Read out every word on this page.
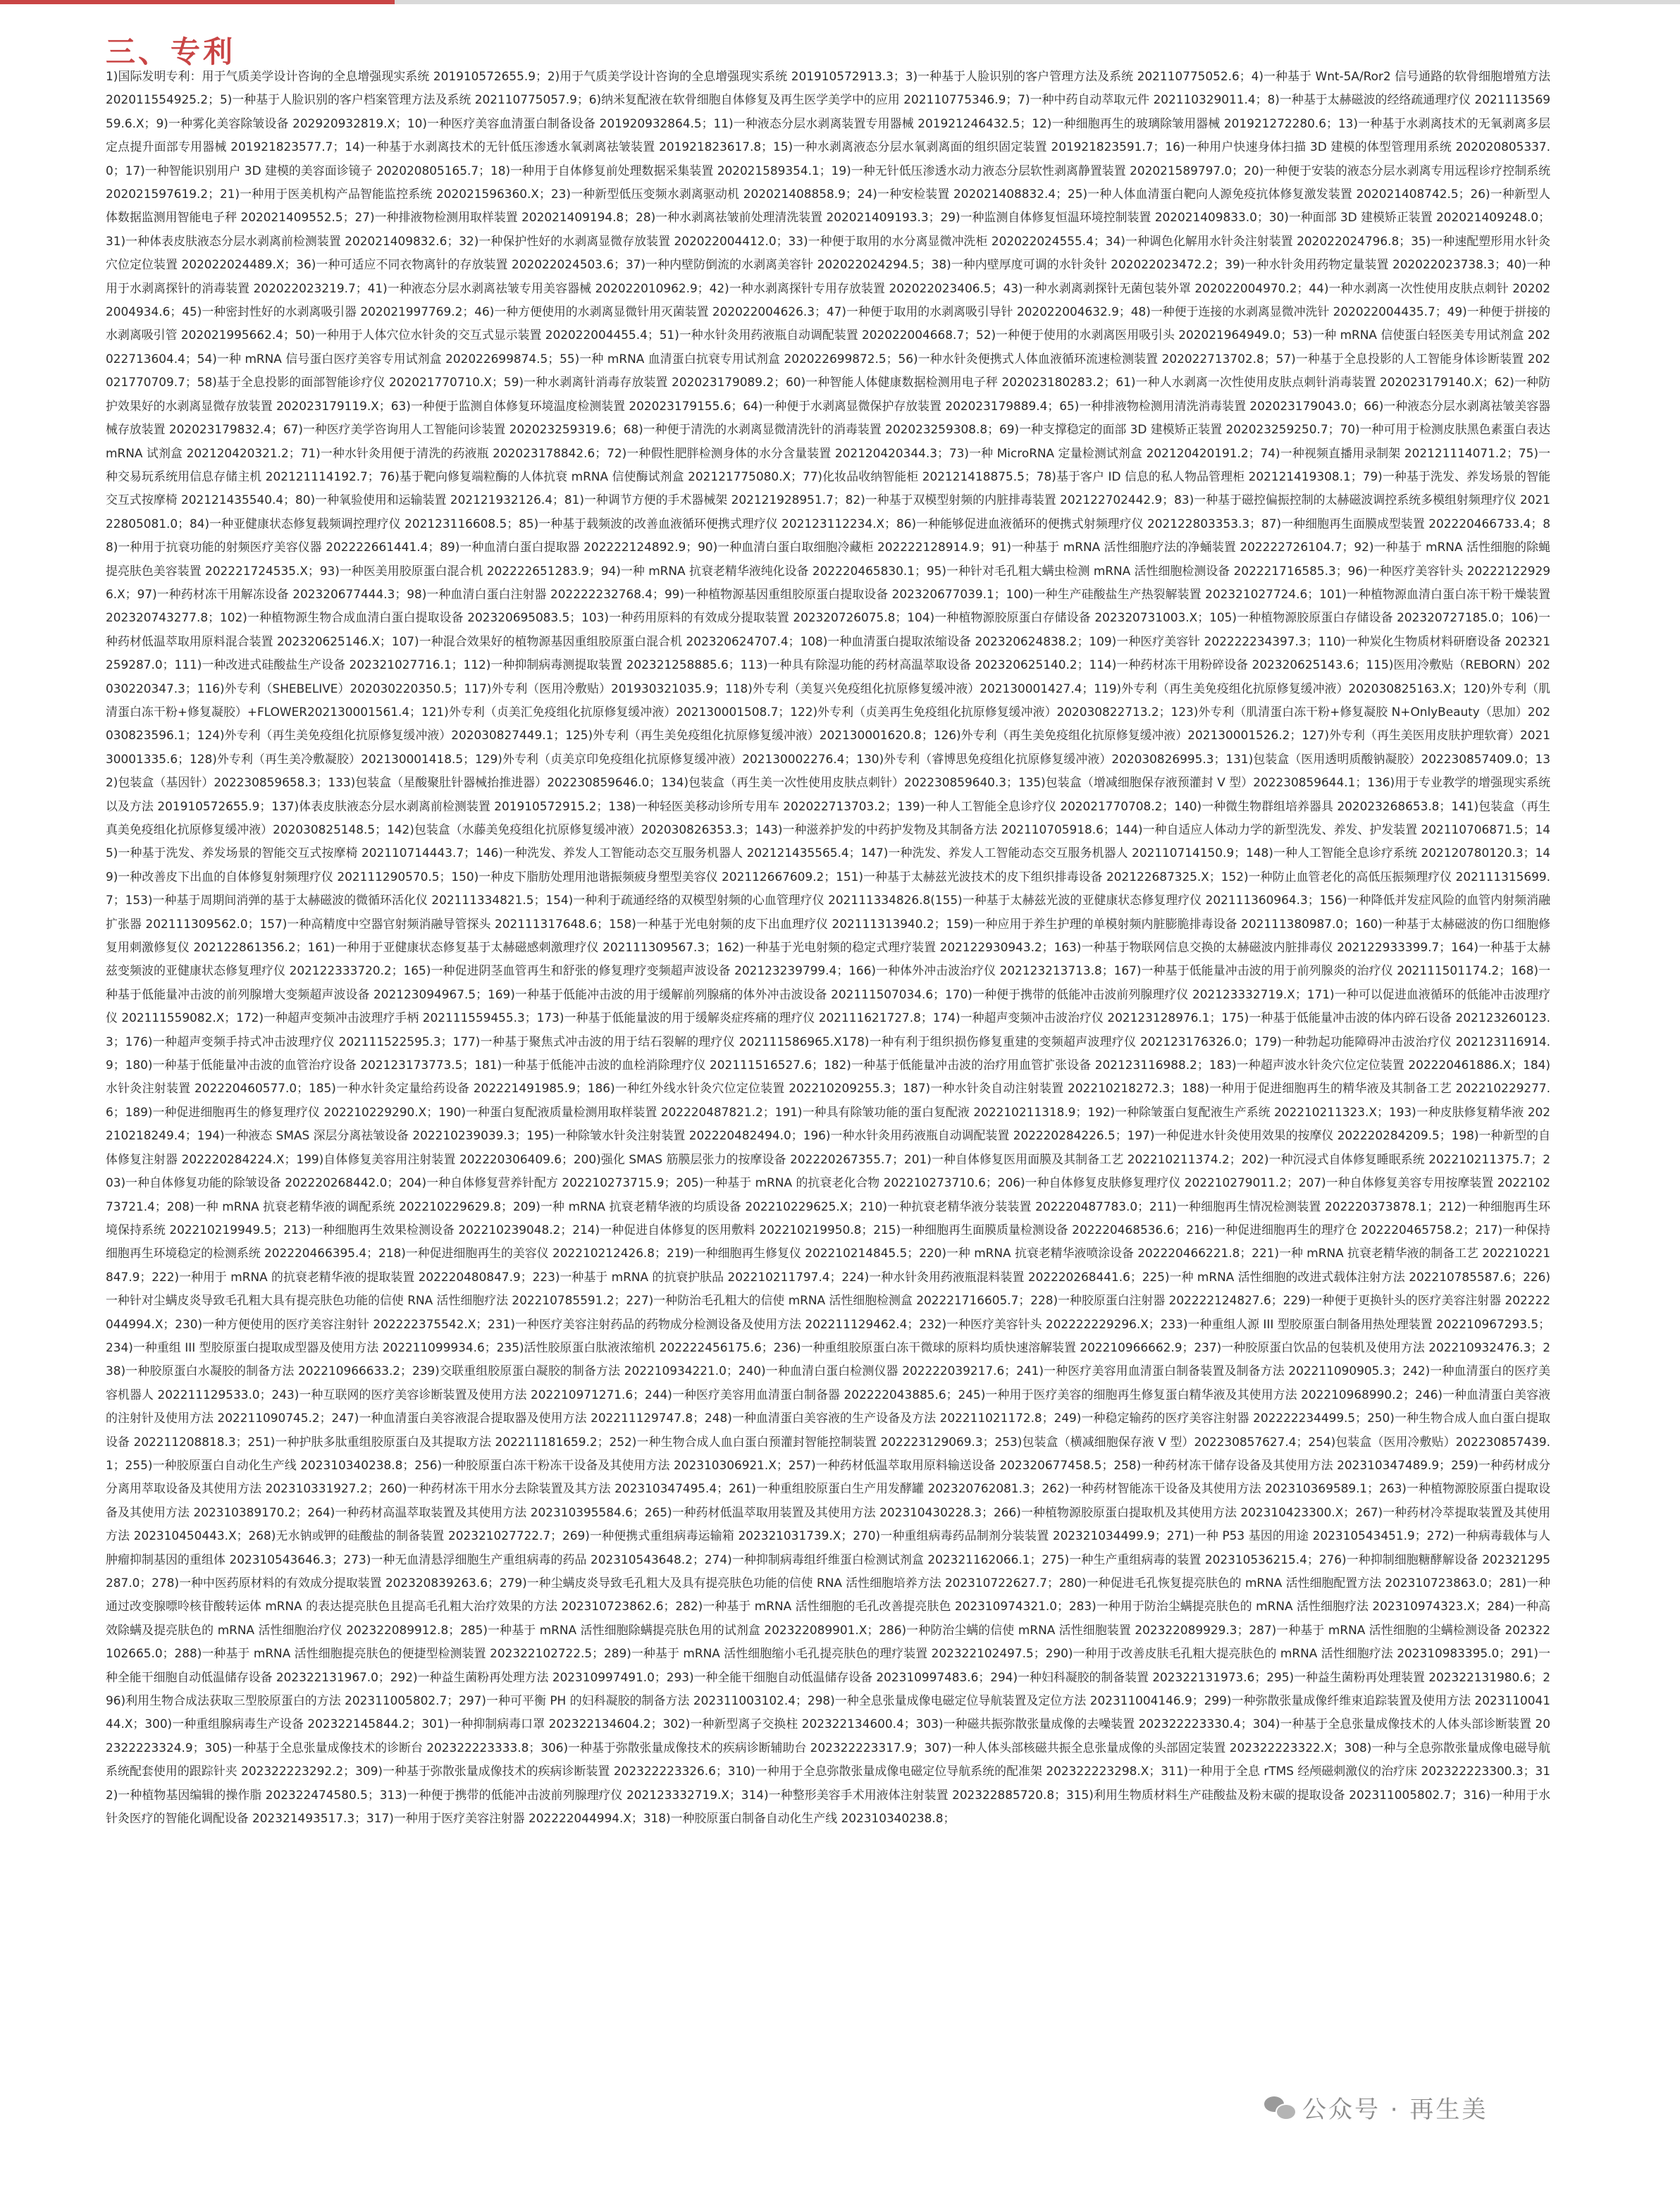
三、专利

1)国际发明专利：用于气质美学设计咨询的全息增强现实系统 201910572655.9；2)用于气质美学设计咨询的全息增强现实系统 201910572913.3；3)一种基于人脸识别的客户管理方法及系统 202110775052.6；4)一种基于 Wnt-5A/Ror2 信号通路的软骨细胞增殖方法 202011554925.2；5)一种基于人脸识别的客户档案管理方法及系统 202110775057.9；6)纳米复配液在软骨细胞自体修复及再生医学美学中的应用 202110775346.9；7)一种中药自动萃取元件 202110329011.4；8)一种基于太赫磁波的经络疏通理疗仪 202111356959.6.X；9)一种雾化美容除皱设备 202920932819.X；10)一种医疗美容血清蛋白制备设备 201920932864.5；11)一种液态分层水剥离装置专用器械 201921246432.5；12)一种细胞再生的玻璃除皱用器械 201921272280.6；13)一种基于水剥离技术的无氧剥离多层定点提升面部专用器械 201921823577.7；14)一种基于水剥离技术的无针低压渗透水氧剥离祛皱装置 201921823617.8；15)一种水剥离液态分层水氧剥离面的组织固定装置 201921823591.7；16)一种用户快速身体扫描 3D 建模的体型管理用系统 202020805337.0；17)一种智能识别用户 3D 建模的美容面诊镜子 202020805165.7；18)一种用于自体修复前处理数据采集装置 202021589354.1；19)一种无针低压渗透水动力液态分层软性剥离静置装置 202021589797.0；20)一种便于安装的液态分层水剥离专用远程诊疗控制系统 202021597619.2；21)一种用于医美机构产品智能监控系统 202021596360.X；23)一种新型低压变频水剥离驱动机 202021408858.9；24)一种安检装置 202021408832.4；25)一种人体血清蛋白靶向人源免疫抗体修复激发装置 202021408742.5；26)一种新型人体数据监测用智能电子秤 202021409552.5；27)一种排液物检测用取样装置 202021409194.8；28)一种水剥离祛皱前处理清洗装置 202021409193.3；29)一种监测自体修复恒温环境控制装置 202021409833.0；30)一种面部 3D 建模矫正装置 202021409248.0；31)一种体表皮肤液态分层水剥离前检测装置 202021409832.6；32)一种保护性好的水剥离显微存放装置 202022004412.0；33)一种便于取用的水分离显微冲洗柜 202022024555.4；34)一种调色化解用水针灸注射装置 202022024796.8；35)一种速配塑形用水针灸穴位定位装置 202022024489.X；36)一种可适应不同衣物离针的存放装置 202022024503.6；37)一种内壁防倒流的水剥离美容针 202022024294.5；38)一种内壁厚度可调的水针灸针 202022023472.2；39)一种水针灸用药物定量装置 202022023738.3；40)一种用于水剥离探针的消毒装置 202022023219.7；41)一种液态分层水剥离祛皱专用美容器械 202022010962.9；42)一种水剥离探针专用存放装置 202022023406.5；43)一种水剥离剥探针无菌包装外罩 202022004970.2；44)一种水剥离一次性使用皮肤点刺针 202022004934.6；45)一种密封性好的水剥离吸引器 202021997769.2；46)一种方便使用的水剥离显微针用灭菌装置 202022004626.3；47)一种便于取用的水剥离吸引导针 202022004632.9；48)一种便于连接的水剥离显微冲洗针 202022004435.7；49)一种便于拼接的水剥离吸引管 202021995662.4；50)一种用于人体穴位水针灸的交互式显示装置 202022004455.4；51)一种水针灸用药液瓶自动调配装置 202022004668.7；52)一种便于使用的水剥离医用吸引头 202021964949.0；53)一种 mRNA 信使蛋白轻医美专用试剂盒 202022713604.4；54)一种 mRNA 信号蛋白医疗美容专用试剂盒 202022699874.5；55)一种 mRNA 血清蛋白抗衰专用试剂盒 202022699872.5；56)一种水针灸便携式人体血液循环流速检测装置 202022713702.8；57)一种基于全息投影的人工智能身体诊断装置 202021770709.7；58)基于全息投影的面部智能诊疗仪 202021770710.X；59)一种水剥离针消毒存放装置 202023179089.2；60)一种智能人体健康数据检测用电子秤 202023180283.2；61)一种人水剥离一次性使用皮肤点刺针消毒装置 202023179140.X；62)一种防护效果好的水剥离显微存放装置 202023179119.X；63)一种便于监测自体修复环境温度检测装置 202023179155.6；64)一种便于水剥离显微保护存放装置 202023179889.4；65)一种排液物检测用清洗消毒装置 202023179043.0；66)一种液态分层水剥离祛皱美容器械存放装置 202023179832.4；67)一种医疗美学咨询用人工智能问诊装置 202023259319.6；68)一种便于清洗的水剥离显微清洗针的消毒装置 202023259308.8；69)一种支撑稳定的面部 3D 建模矫正装置 202023259250.7；70)一种可用于检测皮肤黑色素蛋白表达 mRNA 试剂盒 202120420321.2；71)一种水针灸用便于清洗的药液瓶 202023178842.6；72)一种假性肥胖检测身体的水分含量装置 202120420344.3；73)一种 MicroRNA 定量检测试剂盒 202120420191.2；74)一种视频直播用录制架 202121114071.2；75)一种交易玩系统用信息存储主机 202121114192.7；76)基于靶向修复端粒酶的人体抗衰 mRNA 信使酶试剂盒 202121775080.X；77)化妆品收纳智能柜 202121418875.5；78)基于客户 ID 信息的私人物品管理柜 202121419308.1；79)一种基于洗发、养发场景的智能交互式按摩椅 202121435540.4；80)一种氧验使用和运输装置 202121932126.4；81)一种调节方便的手术器械架 202121928951.7；82)一种基于双模型射频的内脏排毒装置 202122702442.9；83)一种基于磁控偏振控制的太赫磁波调控系统多模组射频理疗仪 202122805081.0；84)一种亚健康状态修复载频调控理疗仪 202123116608.5；85)一种基于载频波的改善血液循环便携式理疗仪 202123112234.X；86)一种能够促进血液循环的便携式射频理疗仪 202122803353.3；87)一种细胞再生面膜成型装置 202220466733.4；88)一种用于抗衰功能的射频医疗美容仪器 202222661441.4；89)一种血清白蛋白提取器 202222124892.9；90)一种血清白蛋白取细胞冷藏柜 202222128914.9；91)一种基于 mRNA 活性细胞疗法的净蛹装置 202222726104.7；92)一种基于 mRNA 活性细胞的除蝇提亮肤色美容装置 202221724535.X；93)一种医美用胶原蛋白混合机 202222651283.9；94)一种 mRNA 抗衰老精华液纯化设备 202220465830.1；95)一种针对毛孔粗大螨虫检测 mRNA 活性细胞检测设备 202221716585.3；96)一种医疗美容针头 202221229296.X；97)一种药材冻干用解冻设备 202320677444.3；98)一种血清白蛋白注射器 202222232768.4；99)一种植物源基因重组胶原蛋白提取设备 202320677039.1；100)一种生产硅酸盐生产热裂解装置 202321027724.6；101)一种植物源血清白蛋白冻干粉干燥装置 202320743277.8；102)一种植物源生物合成血清白蛋白提取设备 202320695083.5；103)一种药用原料的有效成分提取装置 202320726075.8；104)一种植物源胶原蛋白存储设备 202320731003.X；105)一种植物源胶原蛋白存储设备 202320727185.0；106)一种药材低温萃取用原料混合装置 202320625146.X；107)一种混合效果好的植物源基因重组胶原蛋白混合机 202320624707.4；108)一种血清蛋白提取浓缩设备 202320624838.2；109)一种医疗美容针 202222234397.3；110)一种炭化生物质材料研磨设备 202321259287.0；111)一种改进式硅酸盐生产设备 202321027716.1；112)一种抑制病毒测提取装置 202321258885.6；113)一种具有除湿功能的药材高温萃取设备 202320625140.2；114)一种药材冻干用粉碎设备 202320625143.6；115)医用冷敷贴（REBORN）202030220347.3；116)外专利（SHEBELIVE）202030220350.5；117)外专利（医用冷敷贴）201930321035.9；118)外专利（美复兴免疫组化抗原修复缓冲液）202130001427.4；119)外专利（再生美免疫组化抗原修复缓冲液）202030825163.X；120)外专利（肌清蛋白冻干粉+修复凝胶）+FLOWER202130001561.4；121)外专利（贞美汇免疫组化抗原修复缓冲液）202130001508.7；122)外专利（贞美再生免疫组化抗原修复缓冲液）202030822713.2；123)外专利（肌清蛋白冻干粉+修复凝胶 N+OnlyBeauty（思加）202030823596.1；124)外专利（再生美免疫组化抗原修复缓冲液）202030827449.1；125)外专利（再生美免疫组化抗原修复缓冲液）202130001620.8；126)外专利（再生美免疫组化抗原修复缓冲液）202130001526.2；127)外专利（再生美医用皮肤护理软膏）202130001335.6；128)外专利（再生美冷敷凝胶）202130001418.5；129)外专利（贞美京印免疫组化抗原修复缓冲液）202130002276.4；130)外专利（睿博思免疫组化抗原修复缓冲液）202030826995.3；131)包装盒（医用透明质酸钠凝胶）202230857409.0；132)包装盒（基因针）202230859658.3；133)包装盒（星酸聚肚针器械抬推进器）202230859646.0；134)包装盒（再生美一次性使用皮肤点刺针）202230859640.3；135)包装盒（增减细胞保存液预灌封 V 型）202230859644.1；136)用于专业教学的增强现实系统以及方法 201910572655.9；137)体表皮肤液态分层水剥离前检测装置 201910572915.2；138)一种轻医美移动诊所专用车 202022713703.2；139)一种人工智能全息诊疗仪 202021770708.2；140)一种微生物群组培养器具 202023268653.8；141)包装盒（再生真美免疫组化抗原修复缓冲液）202030825148.5；142)包装盒（水藤美免疫组化抗原修复缓冲液）202030826353.3；143)一种滋养护发的中药护发物及其制备方法 202110705918.6；144)一种自适应人体动力学的新型洗发、养发、护发装置 202110706871.5；145)一种基于洗发、养发场景的智能交互式按摩椅 202110714443.7；146)一种洗发、养发人工智能动态交互服务机器人 202121435565.4；147)一种洗发、养发人工智能动态交互服务机器人 202110714150.9；148)一种人工智能全息诊疗系统 202120780120.3；149)一种改善皮下出血的自体修复射频理疗仪 202111290570.5；150)一种皮下脂肪处理用池谐振频疲身塑型美容仪 202112667609.2；151)一种基于太赫兹光波技术的皮下组织排毒设备 202122687325.X；152)一种防止血管老化的高低压振频理疗仪 202111315699.7；153)一种基于周期间消弹的基于太赫磁波的微循环活化仪 202111334821.5；154)一种利于疏通经络的双模型射频的心血管理疗仪 202111334826.8(155)一种基于太赫兹光波的亚健康状态修复理疗仪 202111360964.3；156)一种降低并发症风险的血管内射频消融扩张器 202111309562.0；157)一种高精度中空器官射频消融导管探头 202111317648.6；158)一种基于光电射频的皮下出血理疗仪 202111313940.2；159)一种应用于养生护理的单模射频内脏膨脆排毒设备 202111380987.0；160)一种基于太赫磁波的伤口细胞修复用刺激修复仪 202122861356.2；161)一种用于亚健康状态修复基于太赫磁感刺激理疗仪 202111309567.3；162)一种基于光电射频的稳定式理疗装置 202122930943.2；163)一种基于物联网信息交换的太赫磁波内脏排毒仪 202122933399.7；164)一种基于太赫兹变频波的亚健康状态修复理疗仪 202122333720.2；165)一种促进阴茎血管再生和舒张的修复理疗变频超声波设备 202123239799.4；166)一种体外冲击波治疗仪 202123213713.8；167)一种基于低能量冲击波的用于前列腺炎的治疗仪 202111501174.2；168)一种基于低能量冲击波的前列腺增大变频超声波设备 202123094967.5；169)一种基于低能冲击波的用于缓解前列腺痛的体外冲击波设备 202111507034.6；170)一种便于携带的低能冲击波前列腺理疗仪 202123332719.X；171)一种可以促进血液循环的低能冲击波理疗仪 202111559082.X；172)一种超声变频冲击波理疗手柄 202111559455.3；173)一种基于低能量波的用于缓解炎症疼痛的理疗仪 202111621727.8；174)一种超声变频冲击波治疗仪 202123128976.1；175)一种基于低能量冲击波的体内碎石设备 202123260123.3；176)一种超声变频手持式冲击波理疗仪 202111522595.3；177)一种基于聚焦式冲击波的用于结石裂解的理疗仪 202111586965.X178)一种有利于组织损伤修复重建的变频超声波理疗仪 202123176326.0；179)一种勃起功能障碍冲击波治疗仪 202123116914.9；180)一种基于低能量冲击波的血管治疗设备 202123173773.5；181)一种基于低能冲击波的血栓消除理疗仪 202111516527.6；182)一种基于低能量冲击波的治疗用血管扩张设备 202123116988.2；183)一种超声波水针灸穴位定位装置 202220461886.X；184)水针灸注射装置 202220460577.0；185)一种水针灸定量给药设备 202221491985.9；186)一种红外线水针灸穴位定位装置 202210209255.3；187)一种水针灸自动注射装置 202210218272.3；188)一种用于促进细胞再生的精华液及其制备工艺 202210229277.6；189)一种促进细胞再生的修复理疗仪 202210229290.X；190)一种蛋白复配液质量检测用取样装置 202220487821.2；191)一种具有除皱功能的蛋白复配液 202210211318.9；192)一种除皱蛋白复配液生产系统 202210211323.X；193)一种皮肤修复精华液 202210218249.4；194)一种液态 SMAS 深层分离祛皱设备 202210239039.3；195)一种除皱水针灸注射装置 202220482494.0；196)一种水针灸用药液瓶自动调配装置 202220284226.5；197)一种促进水针灸使用效果的按摩仪 202220284209.5；198)一种新型的自体修复注射器 202220284224.X；199)自体修复美容用注射装置 202220306409.6；200)强化 SMAS 筋膜层张力的按摩设备 202220267355.7；201)一种自体修复医用面膜及其制备工艺 202210211374.2；202)一种沉浸式自体修复睡眠系统 202210211375.7；203)一种自体修复功能的除皱设备 202220268442.0；204)一种自体修复营养针配方 202210273715.9；205)一种基于 mRNA 的抗衰老化合物 202210273710.6；206)一种自体修复皮肤修复理疗仪 202210279011.2；207)一种自体修复美容专用按摩装置 202210273721.4；208)一种 mRNA 抗衰老精华液的调配系统 202210229629.8；209)一种 mRNA 抗衰老精华液的均质设备 202210229625.X；210)一种抗衰老精华液分装装置 202220487783.0；211)一种细胞再生情况检测装置 202220373878.1；212)一种细胞再生环境保持系统 202210219949.5；213)一种细胞再生效果检测设备 202210239048.2；214)一种促进自体修复的医用敷料 202210219950.8；215)一种细胞再生面膜质量检测设备 202220468536.6；216)一种促进细胞再生的理疗仓 202220465758.2；217)一种保持细胞再生环境稳定的检测系统 202220466395.4；218)一种促进细胞再生的美容仪 202210212426.8；219)一种细胞再生修复仪 202210214845.5；220)一种 mRNA 抗衰老精华液喷涂设备 202220466221.8；221)一种 mRNA 抗衰老精华液的制备工艺 202210221847.9；222)一种用于 mRNA 的抗衰老精华液的提取装置 202220480847.9；223)一种基于 mRNA 的抗衰护肤品 202210211797.4；224)一种水针灸用药液瓶混料装置 202220268441.6；225)一种 mRNA 活性细胞的改进式载体注射方法 202210785587.6；226)一种针对尘螨皮炎导致毛孔粗大具有提亮肤色功能的信使 RNA 活性细胞疗法 202210785591.2；227)一种防治毛孔粗大的信使 mRNA 活性细胞检测盒 202221716605.7；228)一种胶原蛋白注射器 202222124827.6；229)一种便于更换针头的医疗美容注射器 202222044994.X；230)一种方便使用的医疗美容注射针 202222375542.X；231)一种医疗美容注射药品的药物成分检测设备及使用方法 202211129462.4；232)一种医疗美容针头 202222229296.X；233)一种重组人源 III 型胶原蛋白制备用热处理装置 202210967293.5；234)一种重组 III 型胶原蛋白提取成型器及使用方法 202211099934.6；235)活性胶原蛋白肽液浓缩机 202222456175.6；236)一种重组胶原蛋白冻干微球的原料均质快速溶解装置 202210966662.9；237)一种胶原蛋白饮品的包装机及使用方法 202210932476.3；238)一种胶原蛋白水凝胶的制备方法 202210966633.2；239)交联重组胶原蛋白凝胶的制备方法 202210934221.0；240)一种血清白蛋白检测仪器 202222039217.6；241)一种医疗美容用血清蛋白制备装置及制备方法 202211090905.3；242)一种血清蛋白的医疗美容机器人 202211129533.0；243)一种互联网的医疗美容诊断装置及使用方法 202210971271.6；244)一种医疗美容用血清蛋白制备器 202222043885.6；245)一种用于医疗美容的细胞再生修复蛋白精华液及其使用方法 202210968990.2；246)一种血清蛋白美容液的注射针及使用方法 202211090745.2；247)一种血清蛋白美容液混合提取器及使用方法 202211129747.8；248)一种血清蛋白美容液的生产设备及方法 202211021172.8；249)一种稳定输药的医疗美容注射器 202222234499.5；250)一种生物合成人血白蛋白提取设备 202211208818.3；251)一种护肤多肽重组胶原蛋白及其提取方法 202211181659.2；252)一种生物合成人血白蛋白预灌封智能控制装置 202223129069.3；253)包装盒（横减细胞保存液 V 型）202230857627.4；254)包装盒（医用冷敷贴）202230857439.1；255)一种胶原蛋白自动化生产线 202310340238.8；256)一种胶原蛋白冻干粉冻干设备及其使用方法 202310306921.X；257)一种药材低温萃取用原料输送设备 202320677458.5；258)一种药材冻干储存设备及其使用方法 202310347489.9；259)一种药材成分分离用萃取设备及其使用方法 202310331927.2；260)一种药材冻干用水分去除装置及其方法 202310347495.4；261)一种重组胶原蛋白生产用发酵罐 202320762081.3；262)一种药材智能冻干设备及其使用方法 202310369589.1；263)一种植物源胶原蛋白提取设备及其使用方法 202310389170.2；264)一种药材高温萃取装置及其使用方法 202310395584.6；265)一种药材低温萃取用装置及其使用方法 202310430228.3；266)一种植物源胶原蛋白提取机及其使用方法 202310423300.X；267)一种药材冷萃提取装置及其使用方法 202310450443.X；268)无水钠或钾的硅酸盐的制备装置 202321027722.7；269)一种便携式重组病毒运输箱 202321031739.X；270)一种重组病毒药品制剂分装装置 202321034499.9；271)一种 P53 基因的用途 202310543451.9；272)一种病毒载体与人肿瘤抑制基因的重组体 202310543646.3；273)一种无血清悬浮细胞生产重组病毒的药品 202310543648.2；274)一种抑制病毒组纤维蛋白检测试剂盒 202321162066.1；275)一种生产重组病毒的装置 202310536215.4；276)一种抑制细胞糖酵解设备 202321295287.0；278)一种中医药原材料的有效成分提取装置 202320839263.6；279)一种尘螨皮炎导致毛孔粗大及具有提亮肤色功能的信使 RNA 活性细胞培养方法 202310722627.7；280)一种促进毛孔恢复提亮肤色的 mRNA 活性细胞配置方法 202310723863.0；281)一种通过改变腺嘌呤核苷酸转运体 mRNA 的表达提亮肤色且提高毛孔粗大治疗效果的方法 202310723862.6；282)一种基于 mRNA 活性细胞的毛孔改善提亮肤色 202310974321.0；283)一种用于防治尘螨提亮肤色的 mRNA 活性细胞疗法 202310974323.X；284)一种高效除螨及提亮肤色的 mRNA 活性细胞治疗仪 202322089912.8；285)一种基于 mRNA 活性细胞除螨提亮肤色用的试剂盒 202322089901.X；286)一种防治尘螨的信使 mRNA 活性细胞装置 202322089929.3；287)一种基于 mRNA 活性细胞的尘螨检测设备 202322102665.0；288)一种基于 mRNA 活性细胞提亮肤色的便捷型检测装置 202322102722.5；289)一种基于 mRNA 活性细胞缩小毛孔提亮肤色的理疗装置 202322102497.5；290)一种用于改善皮肤毛孔粗大提亮肤色的 mRNA 活性细胞疗法 202310983395.0；291)一种全能干细胞自动低温储存设备 202322131967.0；292)一种益生菌粉再处理方法 202310997491.0；293)一种全能干细胞自动低温储存设备 202310997483.6；294)一种妇科凝胶的制备装置 202322131973.6；295)一种益生菌粉再处理装置 202322131980.6；296)利用生物合成法获取三型胶原蛋白的方法 202311005802.7；297)一种可平衡 PH 的妇科凝胶的制备方法 202311003102.4；298)一种全息张量成像电磁定位导航装置及定位方法 202311004146.9；299)一种弥散张量成像纤维束追踪装置及使用方法 202311004144.X；300)一种重组腺病毒生产设备 202322145844.2；301)一种抑制病毒口罩 202322134604.2；302)一种新型离子交换柱 202322134600.4；303)一种磁共振弥散张量成像的去噪装置 202322223330.4；304)一种基于全息张量成像技术的人体头部诊断装置 202322223324.9；305)一种基于全息张量成像技术的诊断台 202322223333.8；306)一种基于弥散张量成像技术的疾病诊断辅助台 202322223317.9；307)一种人体头部核磁共振全息张量成像的头部固定装置 202322223322.X；308)一种与全息弥散张量成像电磁导航系统配套使用的跟踪针夹 202322223292.2；309)一种基于弥散张量成像技术的疾病诊断装置 202322223326.6；310)一种用于全息弥散张量成像电磁定位导航系统的配准架 202322223298.X；311)一种用于全息 rTMS 经颅磁刺激仪的治疗床 202322223300.3；312)一种植物基因编辑的操作脂 202322474580.5；313)一种便于携带的低能冲击波前列腺理疗仪 202123332719.X；314)一种整形美容手术用液体注射装置 202322885720.8；315)利用生物质材料生产硅酸盐及粉末碳的提取设备 202311005802.7；316)一种用于水针灸医疗的智能化调配设备 202321493517.3；317)一种用于医疗美容注射器 202222044994.X；318)一种胶原蛋白制备自动化生产线 202310340238.8；

公众号 · 再生美
